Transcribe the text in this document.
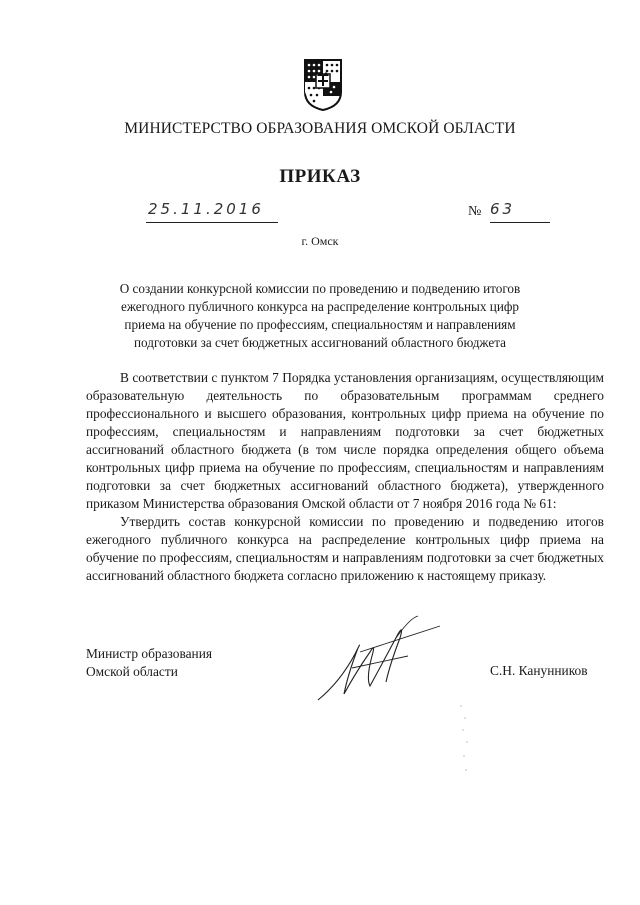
МИНИСТЕРСТВО ОБРАЗОВАНИЯ ОМСКОЙ ОБЛАСТИ
ПРИКАЗ
25.11.2016	№ 63
г. Омск
О создании конкурсной комиссии по проведению и подведению итогов ежегодного публичного конкурса на распределение контрольных цифр приема на обучение по профессиям, специальностям и направлениям подготовки за счет бюджетных ассигнований областного бюджета

В соответствии с пунктом 7 Порядка установления организациям, осуществляющим образовательную деятельность по образовательным программам среднего профессионального и высшего образования, контрольных цифр приема на обучение по профессиям, специальностям и направлениям подготовки за счет бюджетных ассигнований областного бюджета (в том числе порядка определения общего объема контрольных цифр приема на обучение по профессиям, специальностям и направлениям подготовки за счет бюджетных ассигнований областного бюджета), утвержденного приказом Министерства образования Омской области от 7 ноября 2016 года № 61:

Утвердить состав конкурсной комиссии по проведению и подведению итогов ежегодного публичного конкурса на распределение контрольных цифр приема на обучение по профессиям, специальностям и направлениям подготовки за счет бюджетных ассигнований областного бюджета согласно приложению к настоящему приказу.

Министр образования
Омской области	С.Н. Канунников
